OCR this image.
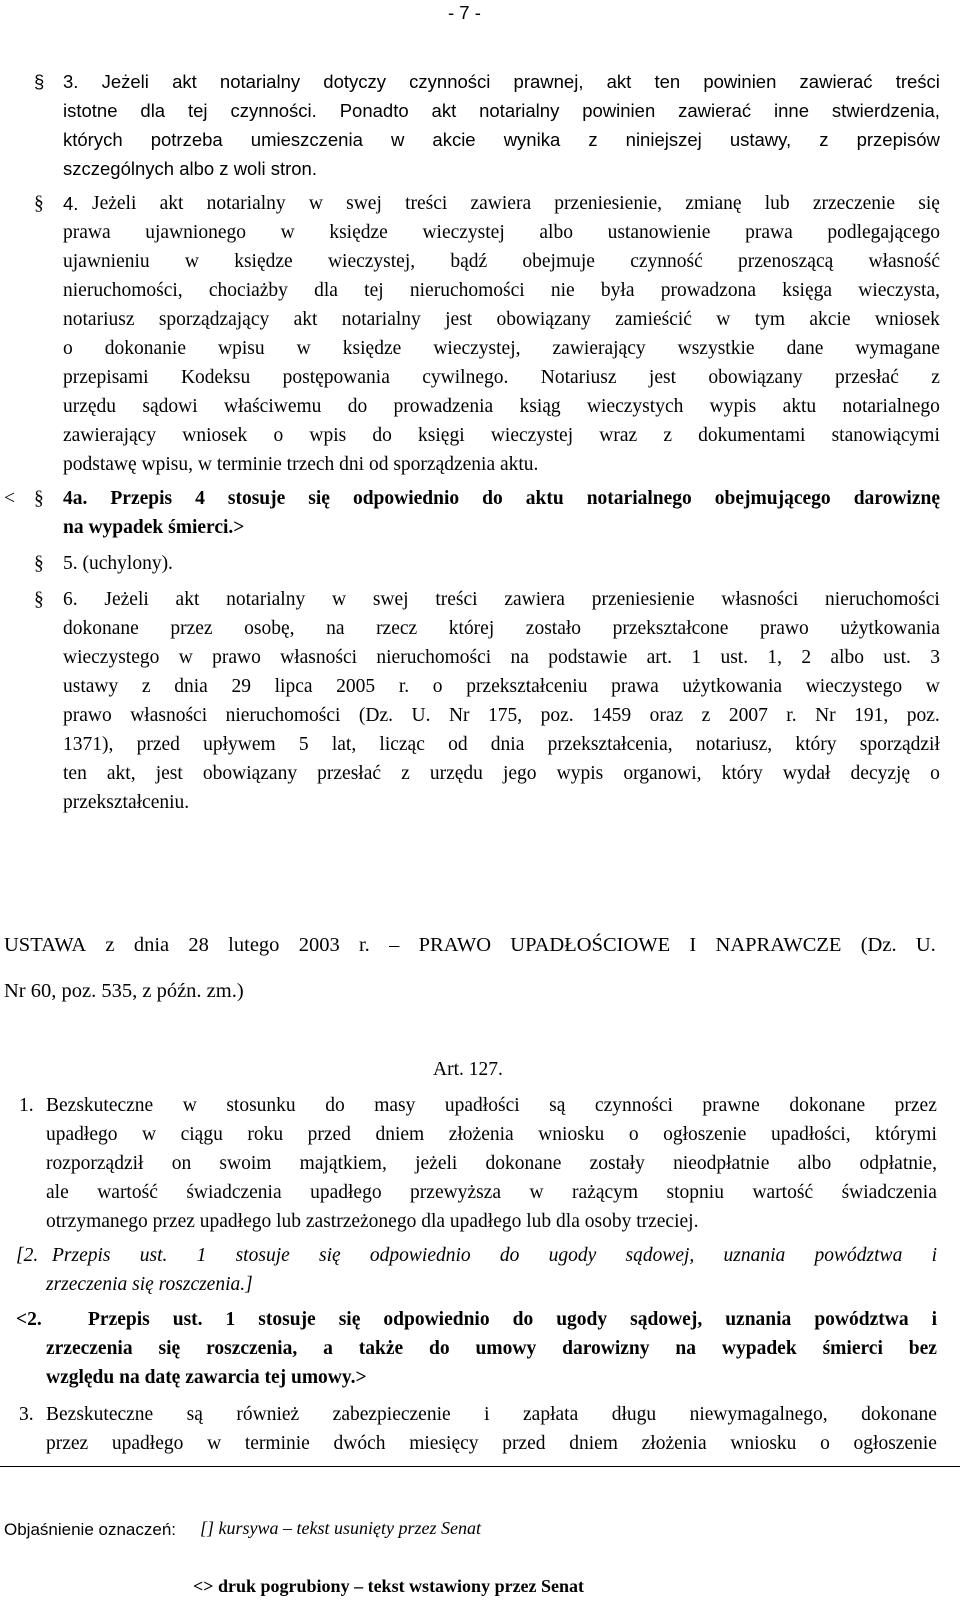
- 7 -
§ 3. Jeżeli akt notarialny dotyczy czynności prawnej, akt ten powinien zawierać treści
istotne dla tej czynności. Ponadto akt notarialny powinien zawierać inne stwierdzenia,
których potrzeba umieszczenia w akcie wynika z niniejszej ustawy, z przepisów
szczególnych albo z woli stron.
§ 4. Jeżeli akt notarialny w swej treści zawiera przeniesienie, zmianę lub zrzeczenie się
prawa ujawnionego w księdze wieczystej albo ustanowienie prawa podlegającego
ujawnieniu w księdze wieczystej, bądź obejmuje czynność przenoszącą własność
nieruchomości, chociażby dla tej nieruchomości nie była prowadzona księga wieczysta,
notariusz sporządzający akt notarialny jest obowiązany zamieścić w tym akcie wniosek
o dokonanie wpisu w księdze wieczystej, zawierający wszystkie dane wymagane
przepisami Kodeksu postępowania cywilnego. Notariusz jest obowiązany przesłać z
urzędu sądowi właściwemu do prowadzenia ksiąg wieczystych wypis aktu notarialnego
zawierający wniosek o wpis do księgi wieczystej wraz z dokumentami stanowiącymi
podstawę wpisu, w terminie trzech dni od sporządzenia aktu.
< § 4a. Przepis 4 stosuje się odpowiednio do aktu notarialnego obejmującego darowiznę
na wypadek śmierci.>
§ 5. (uchylony).
§ 6. Jeżeli akt notarialny w swej treści zawiera przeniesienie własności nieruchomości
dokonane przez osobę, na rzecz której zostało przekształcone prawo użytkowania
wieczystego w prawo własności nieruchomości na podstawie art. 1 ust. 1, 2 albo ust. 3
ustawy z dnia 29 lipca 2005 r. o przekształceniu prawa użytkowania wieczystego w
prawo własności nieruchomości (Dz. U. Nr 175, poz. 1459 oraz z 2007 r. Nr 191, poz.
1371), przed upływem 5 lat, licząc od dnia przekształcenia, notariusz, który sporządził
ten akt, jest obowiązany przesłać z urzędu jego wypis organowi, który wydał decyzję o
przekształceniu.
USTAWA z dnia 28 lutego 2003 r. – PRAWO UPADŁOŚCIOWE I NAPRAWCZE (Dz. U.
Nr 60, poz. 535, z późn. zm.)
Art. 127.
1. Bezskuteczne w stosunku do masy upadłości są czynności prawne dokonane przez
upadłego w ciągu roku przed dniem złożenia wniosku o ogłoszenie upadłości, którymi
rozporządził on swoim majątkiem, jeżeli dokonane zostały nieodpłatnie albo odpłatnie,
ale wartość świadczenia upadłego przewyższa w rażącym stopniu wartość świadczenia
otrzymanego przez upadłego lub zastrzeżonego dla upadłego lub dla osoby trzeciej.
[2. Przepis ust. 1 stosuje się odpowiednio do ugody sądowej, uznania powództwa i
zrzeczenia się roszczenia.]
<2. Przepis ust. 1 stosuje się odpowiednio do ugody sądowej, uznania powództwa i
zrzeczenia się roszczenia, a także do umowy darowizny na wypadek śmierci bez
względu na datę zawarcia tej umowy.>
3. Bezskuteczne są również zabezpieczenie i zapłata długu niewymagalnego, dokonane
przez upadłego w terminie dwóch miesięcy przed dniem złożenia wniosku o ogłoszenie
Objaśnienie oznaczeń: [] kursywa – tekst usunięty przez Senat
<> druk pogrubiony – tekst wstawiony przez Senat
